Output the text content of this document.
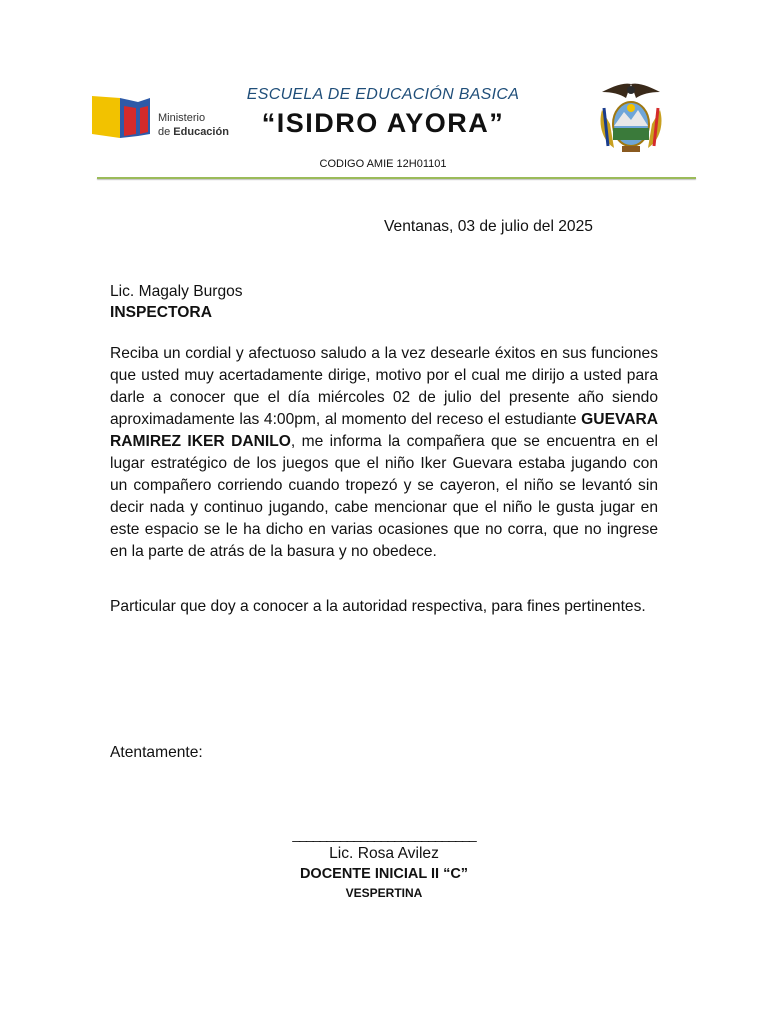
Ministerio
de Educación
ESCUELA DE EDUCACIÓN BASICA
“ISIDRO AYORA”
CODIGO AMIE 12H01101
Ventanas, 03 de julio del 2025
Lic. Magaly Burgos
INSPECTORA
Reciba un cordial y afectuoso saludo a la vez desearle éxitos en sus funciones que usted muy acertadamente dirige, motivo por el cual me dirijo a usted para darle a conocer que el día miércoles 02 de julio del presente año siendo aproximadamente las 4:00pm, al momento del receso el estudiante GUEVARA RAMIREZ IKER DANILO, me informa la compañera que se encuentra en el lugar estratégico de los juegos que el niño Iker Guevara estaba jugando con un compañero corriendo cuando tropezó y se cayeron, el niño se levantó sin decir nada y continuo jugando, cabe mencionar que el niño le gusta jugar en este espacio se le ha dicho en varias ocasiones que no corra, que no ingrese en la parte de atrás de la basura y no obedece.
Particular que doy a conocer a la autoridad respectiva, para fines pertinentes.
Atentamente:
___________________________
Lic. Rosa Avilez
DOCENTE INICIAL II “C”
VESPERTINA
